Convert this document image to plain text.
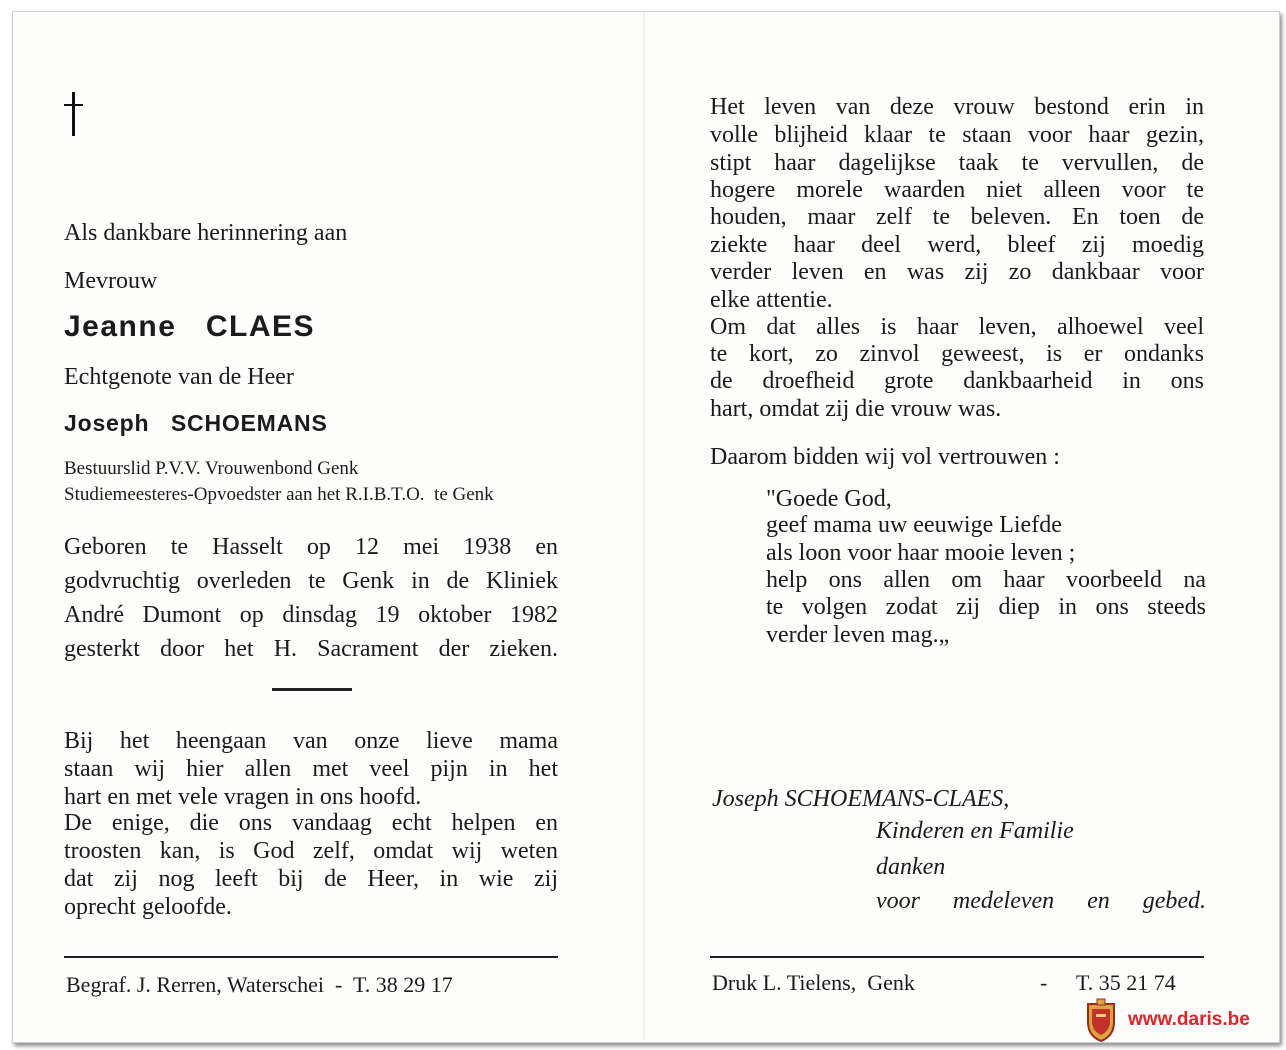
Als dankbare herinnering aan
Mevrouw
Jeanne   CLAES
Echtgenote van de Heer
Joseph   SCHOEMANS
Bestuurslid P.V.V. Vrouwenbond Genk
Studiemeesteres-Opvoedster aan het R.I.B.T.O.  te Genk
Geboren te Hasselt op 12 mei 1938 en
godvruchtig overleden te Genk in de Kliniek
André Dumont op dinsdag 19 oktober 1982
gesterkt door het H. Sacrament der zieken.
Bij het heengaan van onze lieve mama
staan wij hier allen met veel pijn in het
hart en met vele vragen in ons hoofd.
De enige, die ons vandaag echt helpen en
troosten kan, is God zelf, omdat wij weten
dat zij nog leeft bij de Heer, in wie zij
oprecht geloofde.
Begraf. J. Rerren, Waterschei  -  T. 38 29 17
Het leven van deze vrouw bestond erin in
volle blijheid klaar te staan voor haar gezin,
stipt haar dagelijkse taak te vervullen, de
hogere morele waarden niet alleen voor te
houden, maar zelf te beleven. En toen de
ziekte haar deel werd, bleef zij moedig
verder leven en was zij zo dankbaar voor
elke attentie.
Om dat alles is haar leven, alhoewel veel
te kort, zo zinvol geweest, is er ondanks
de droefheid grote dankbaarheid in ons
hart, omdat zij die vrouw was.
Daarom bidden wij vol vertrouwen :
"Goede God,
geef mama uw eeuwige Liefde
als loon voor haar mooie leven ;
help ons allen om haar voorbeeld na
te volgen zodat zij diep in ons steeds
verder leven mag.„
Joseph SCHOEMANS-CLAES,
Kinderen en Familie
danken
voor medeleven en gebed.
Druk L. Tielens,  Genk	- T. 35 21 74
www.daris.be
